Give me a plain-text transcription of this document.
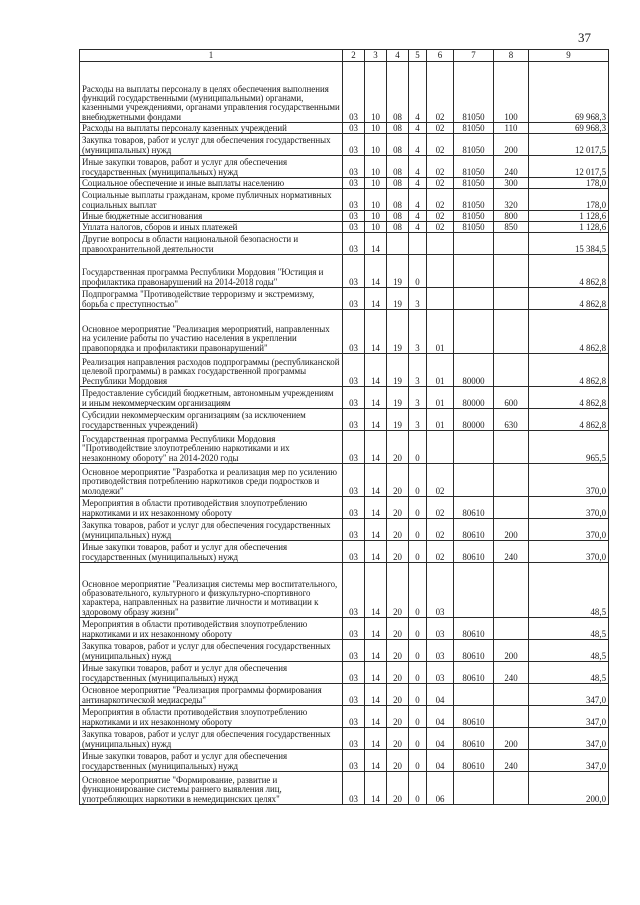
37
1	2	3	4	5	6	7	8	9
Расходы на выплаты персоналу в целях обеспечения выполнения функций государственными (муниципальными) органами, казенными учреждениями, органами управления государственными внебюджетными фондами	03	10	08	4	02	81050	100	69 968,3
Расходы на выплаты персоналу казенных учреждений	03	10	08	4	02	81050	110	69 968,3
Закупка товаров, работ и услуг для обеспечения государственных (муниципальных) нужд	03	10	08	4	02	81050	200	12 017,5
Иные закупки товаров, работ и услуг для обеспечения государственных (муниципальных) нужд	03	10	08	4	02	81050	240	12 017,5
Социальное обеспечение и иные выплаты населению	03	10	08	4	02	81050	300	178,0
Социальные выплаты гражданам, кроме публичных нормативных социальных выплат	03	10	08	4	02	81050	320	178,0
Иные бюджетные ассигнования	03	10	08	4	02	81050	800	1 128,6
Уплата налогов, сборов и иных платежей	03	10	08	4	02	81050	850	1 128,6
Другие вопросы в области национальной безопасности и правоохранительной деятельности	03	14						15 384,5
Государственная программа Республики Мордовия "Юстиция и профилактика правонарушений на 2014-2018 годы"	03	14	19	0				4 862,8
Подпрограмма "Противодействие терроризму и экстремизму, борьба с преступностью"	03	14	19	3				4 862,8
Основное мероприятие "Реализация мероприятий, направленных на усиление работы по участию населения в укреплении правопорядка и профилактики правонарушений"	03	14	19	3	01			4 862,8
Реализация направления расходов подпрограммы (республиканской целевой программы) в рамках государственной программы Республики Мордовия	03	14	19	3	01	80000		4 862,8
Предоставление субсидий бюджетным, автономным учреждениям и иным некоммерческим организациям	03	14	19	3	01	80000	600	4 862,8
Субсидии некоммерческим организациям (за исключением государственных учреждений)	03	14	19	3	01	80000	630	4 862,8
Государственная программа Республики Мордовия "Противодействие злоупотреблению наркотиками и их незаконному обороту" на 2014-2020 годы	03	14	20	0				965,5
Основное мероприятие "Разработка и реализация мер по усилению противодействия потреблению наркотиков среди подростков и молодежи"	03	14	20	0	02			370,0
Мероприятия в области противодействия злоупотреблению наркотиками и их незаконному обороту	03	14	20	0	02	80610		370,0
Закупка товаров, работ и услуг для обеспечения государственных (муниципальных) нужд	03	14	20	0	02	80610	200	370,0
Иные закупки товаров, работ и услуг для обеспечения государственных (муниципальных) нужд	03	14	20	0	02	80610	240	370,0
Основное мероприятие "Реализация системы мер воспитательного, образовательного, культурного и физкультурно-спортивного характера, направленных на развитие личности и мотивации к здоровому образу жизни"	03	14	20	0	03			48,5
Мероприятия в области противодействия злоупотреблению наркотиками и их незаконному обороту	03	14	20	0	03	80610		48,5
Закупка товаров, работ и услуг для обеспечения государственных (муниципальных) нужд	03	14	20	0	03	80610	200	48,5
Иные закупки товаров, работ и услуг для обеспечения государственных (муниципальных) нужд	03	14	20	0	03	80610	240	48,5
Основное мероприятие "Реализация программы формирования антинаркотической медиасреды"	03	14	20	0	04			347,0
Мероприятия в области противодействия злоупотреблению наркотиками и их незаконному обороту	03	14	20	0	04	80610		347,0
Закупка товаров, работ и услуг для обеспечения государственных (муниципальных) нужд	03	14	20	0	04	80610	200	347,0
Иные закупки товаров, работ и услуг для обеспечения государственных (муниципальных) нужд	03	14	20	0	04	80610	240	347,0
Основное мероприятие "Формирование, развитие и функционирование системы раннего выявления лиц, употребляющих наркотики в немедицинских целях"	03	14	20	0	06			200,0
